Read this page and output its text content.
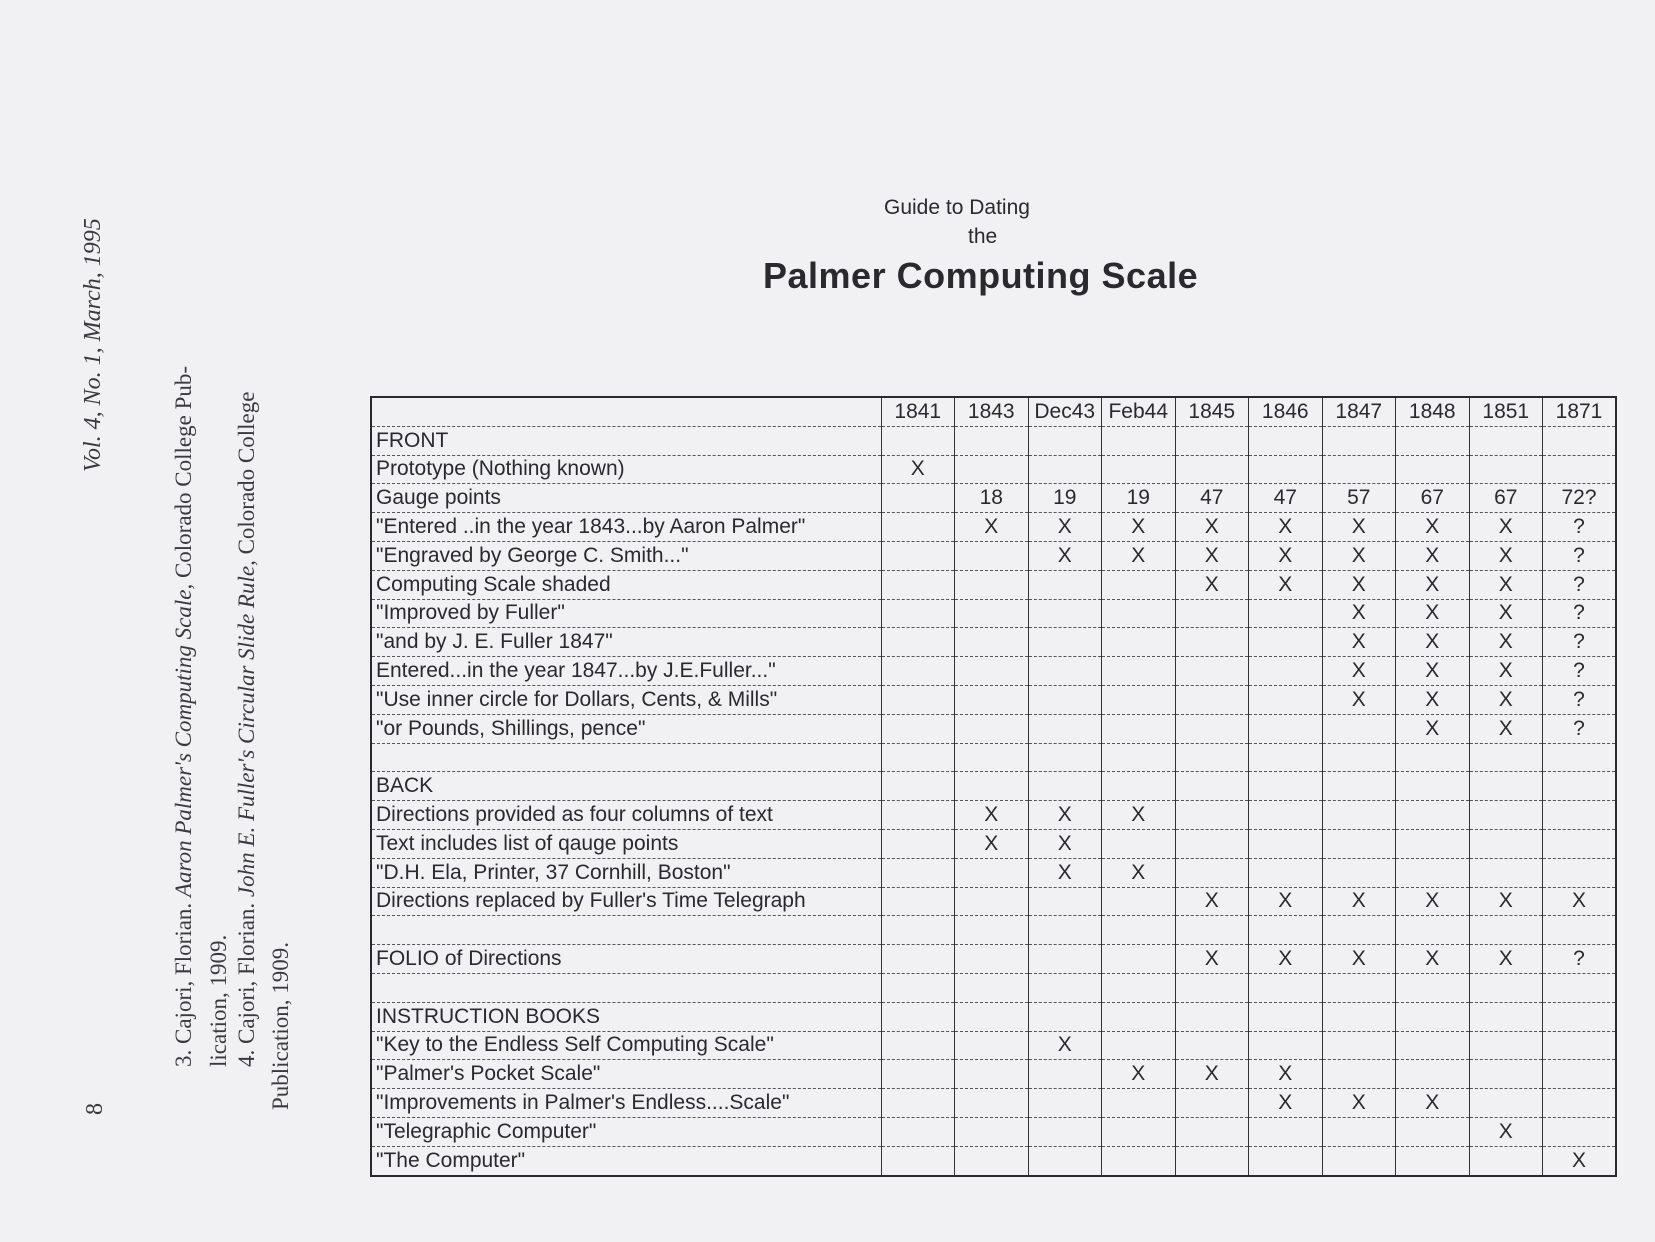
8
Vol. 4, No. 1, March, 1995
3. Cajori, Florian. Aaron Palmer's Computing Scale, Colorado College Pub-
lication, 1909. 4. Cajori, Florian. John E. Fuller's Circular Slide Rule, Colorado College
Publication, 1909.
Guide to Dating
the
Palmer Computing Scale
	1841	1843	Dec43	Feb44	1845	1846	1847	1848	1851	1871
FRONT										
Prototype (Nothing known)	X									
Gauge points		18	19	19	47	47	57	67	67	72?
"Entered ..in the year 1843...by Aaron Palmer"		X	X	X	X	X	X	X	X	?
"Engraved by George C. Smith..."			X	X	X	X	X	X	X	?
Computing Scale shaded					X	X	X	X	X	?
"Improved by Fuller"							X	X	X	?
"and by J. E. Fuller 1847"							X	X	X	?
Entered...in the year 1847...by J.E.Fuller..."							X	X	X	?
"Use inner circle for Dollars, Cents, & Mills"							X	X	X	?
"or Pounds, Shillings, pence"								X	X	?

BACK										
Directions provided as four columns of text		X	X	X						
Text includes list of qauge points		X	X							
"D.H. Ela, Printer, 37 Cornhill, Boston"			X	X						
Directions replaced by Fuller's Time Telegraph					X	X	X	X	X	X

FOLIO of Directions					X	X	X	X	X	?

INSTRUCTION BOOKS										
"Key to the Endless Self Computing Scale"			X							
"Palmer's Pocket Scale"				X	X	X				
"Improvements in Palmer's Endless....Scale"						X	X	X		
"Telegraphic Computer"									X	
"The Computer"										X
